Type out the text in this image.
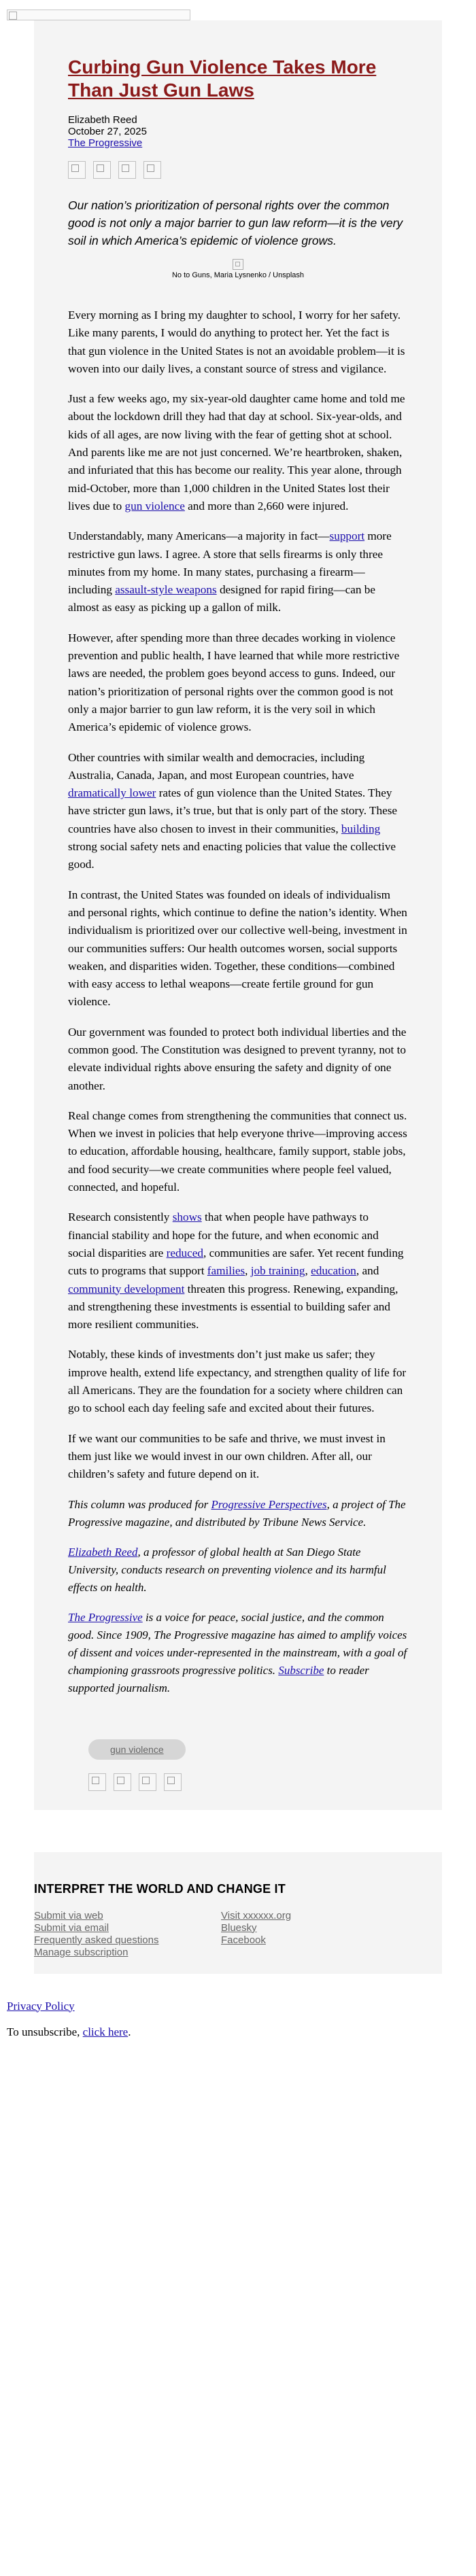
Curbing Gun Violence Takes More Than Just Gun Laws
Elizabeth Reed
October 27, 2025
The Progressive
Our nation’s prioritization of personal rights over the common good is not only a major barrier to gun law reform—it is the very soil in which America’s epidemic of violence grows.
No to Guns, Maria Lysnenko / Unsplash

Every morning as I bring my daughter to school, I worry for her safety. Like many parents, I would do anything to protect her. Yet the fact is that gun violence in the United States is not an avoidable problem—it is woven into our daily lives, a constant source of stress and vigilance.

Just a few weeks ago, my six-year-old daughter came home and told me about the lockdown drill they had that day at school. Six-year-olds, and kids of all ages, are now living with the fear of getting shot at school. And parents like me are not just concerned. We’re heartbroken, shaken, and infuriated that this has become our reality. This year alone, through mid-October, more than 1,000 children in the United States lost their lives due to gun violence and more than 2,660 were injured.

Understandably, many Americans—a majority in fact—support more restrictive gun laws. I agree. A store that sells firearms is only three minutes from my home. In many states, purchasing a firearm—including assault-style weapons designed for rapid firing—can be almost as easy as picking up a gallon of milk.

However, after spending more than three decades working in violence prevention and public health, I have learned that while more restrictive laws are needed, the problem goes beyond access to guns. Indeed, our nation’s prioritization of personal rights over the common good is not only a major barrier to gun law reform, it is the very soil in which America’s epidemic of violence grows.

Other countries with similar wealth and democracies, including Australia, Canada, Japan, and most European countries, have dramatically lower rates of gun violence than the United States. They have stricter gun laws, it’s true, but that is only part of the story. These countries have also chosen to invest in their communities, building strong social safety nets and enacting policies that value the collective good.

In contrast, the United States was founded on ideals of individualism and personal rights, which continue to define the nation’s identity. When individualism is prioritized over our collective well-being, investment in our communities suffers: Our health outcomes worsen, social supports weaken, and disparities widen. Together, these conditions—combined with easy access to lethal weapons—create fertile ground for gun violence.

Our government was founded to protect both individual liberties and the common good. The Constitution was designed to prevent tyranny, not to elevate individual rights above ensuring the safety and dignity of one another.

Real change comes from strengthening the communities that connect us. When we invest in policies that help everyone thrive—improving access to education, affordable housing, healthcare, family support, stable jobs, and food security—we create communities where people feel valued, connected, and hopeful.

Research consistently shows that when people have pathways to financial stability and hope for the future, and when economic and social disparities are reduced, communities are safer. Yet recent funding cuts to programs that support families, job training, education, and community development threaten this progress. Renewing, expanding, and strengthening these investments is essential to building safer and more resilient communities.

Notably, these kinds of investments don’t just make us safer; they improve health, extend life expectancy, and strengthen quality of life for all Americans. They are the foundation for a society where children can go to school each day feeling safe and excited about their futures.

If we want our communities to be safe and thrive, we must invest in them just like we would invest in our own children. After all, our children’s safety and future depend on it.

This column was produced for Progressive Perspectives, a project of The Progressive magazine, and distributed by Tribune News Service.

Elizabeth Reed, a professor of global health at San Diego State University, conducts research on preventing violence and its harmful effects on health.

The Progressive is a voice for peace, social justice, and the common good. Since 1909, The Progressive magazine has aimed to amplify voices of dissent and voices under-represented in the mainstream, with a goal of championing grassroots progressive politics. Subscribe to reader supported journalism.

gun violence
INTERPRET THE WORLD AND CHANGE IT
Submit via web
Submit via email
Frequently asked questions
Manage subscription
Visit xxxxxx.org
Bluesky
Facebook
Privacy Policy
To unsubscribe, click here.
